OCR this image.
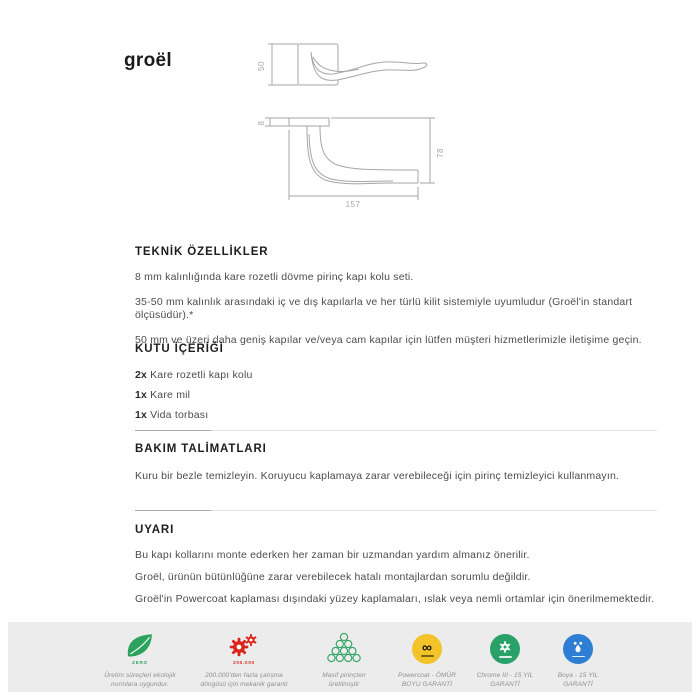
groël	50
8
78
157
TEKNİK ÖZELLİKLER

8 mm kalınlığında kare rozetli dövme pirinç kapı kolu seti.

35-50 mm kalınlık arasındaki iç ve dış kapılarla ve her türlü kilit sistemiyle uyumludur (Groël'in standart ölçüsüdür).*

50 mm ve üzeri daha geniş kapılar ve/veya cam kapılar için lütfen müşteri hizmetlerimizle iletişime geçin.

KUTU İÇERİĞİ

2x Kare rozetli kapı kolu

1x Kare mil

1x Vida torbası

BAKIM TALİMATLARI

Kuru bir bezle temizleyin. Koruyucu kaplamaya zarar verebileceği için pirinç temizleyici kullanmayın.

UYARI

Bu kapı kollarını monte ederken her zaman bir uzmandan yardım almanız önerilir.

Groël, ürünün bütünlüğüne zarar verebilecek hatalı montajlardan sorumlu değildir.

Groël'in Powercoat kaplaması dışındaki yüzey kaplamaları, ıslak veya nemli ortamlar için önerilmemektedir.

ZERO
Üretim süreçleri ekolojik
normlara uygundur.
200.000
200.000'den fazla çalışma
döngüsü için mekanik garanti
Masif pirinçten
üretilmiştir
∞
Powercoat - ÖMÜR
BOYU GARANTİ
Chrome III - 15 YIL
GARANTİ
Boya - 15 YIL
GARANTİ
